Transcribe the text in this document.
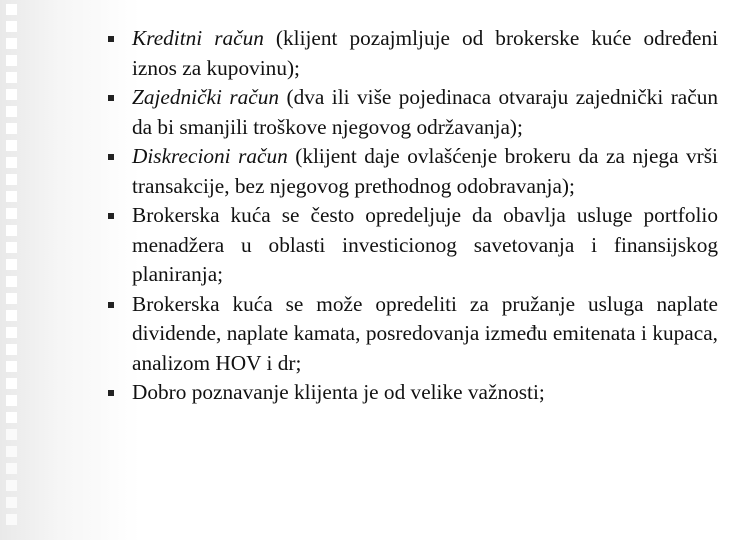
Kreditni račun (klijent pozajmljuje od brokerske kuće određeni iznos za kupovinu);
Zajednički račun (dva ili više pojedinaca otvaraju zajednički račun da bi smanjili troškove njegovog održavanja);
Diskrecioni račun (klijent daje ovlašćenje brokeru da za njega vrši transakcije, bez njegovog prethodnog odobravanja);
Brokerska kuća se često opredeljuje da obavlja usluge portfolio menadžera u oblasti investicionog savetovanja i finansijskog planiranja;
Brokerska kuća se može opredeliti za pružanje usluga naplate dividende, naplate kamata, posredovanja između emitenata i kupaca, analizom HOV i dr;
Dobro poznavanje klijenta je od velike važnosti;
